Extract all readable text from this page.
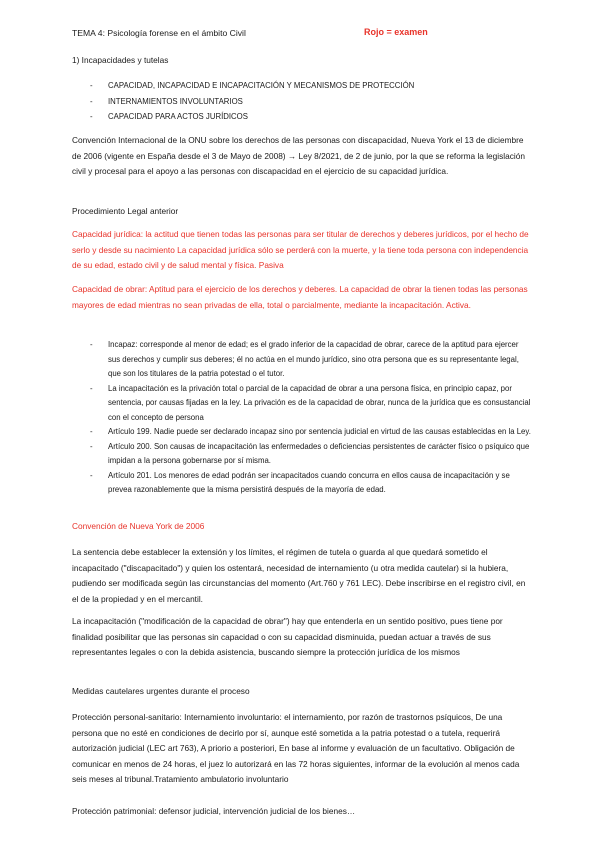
TEMA 4: Psicología forense en el ámbito Civil	Rojo = examen
1) Incapacidades y tutelas
- CAPACIDAD, INCAPACIDAD E INCAPACITACIÓN Y MECANISMOS DE PROTECCIÓN
- INTERNAMIENTOS INVOLUNTARIOS
- CAPACIDAD PARA ACTOS JURÍDICOS
Convención Internacional de la ONU sobre los derechos de las personas con discapacidad, Nueva York el 13 de diciembre de 2006 (vigente en España desde el 3 de Mayo de 2008) → Ley 8/2021, de 2 de junio, por la que se reforma la legislación civil y procesal para el apoyo a las personas con discapacidad en el ejercicio de su capacidad jurídica.
Procedimiento Legal anterior
Capacidad jurídica: la actitud que tienen todas las personas para ser titular de derechos y deberes jurídicos, por el hecho de serlo y desde su nacimiento La capacidad jurídica sólo se perderá con la muerte, y la tiene toda persona con independencia de su edad, estado civil y de salud mental y física. Pasiva
Capacidad de obrar: Aptitud para el ejercicio de los derechos y deberes. La capacidad de obrar la tienen todas las personas mayores de edad mientras no sean privadas de ella, total o parcialmente, mediante la incapacitación. Activa.
- Incapaz: corresponde al menor de edad; es el grado inferior de la capacidad de obrar, carece de la aptitud para ejercer sus derechos y cumplir sus deberes; él no actúa en el mundo jurídico, sino otra persona que es su representante legal, que son los titulares de la patria potestad o el tutor.
- La incapacitación es la privación total o parcial de la capacidad de obrar a una persona física, en principio capaz, por sentencia, por causas fijadas en la ley. La privación es de la capacidad de obrar, nunca de la jurídica que es consustancial con el concepto de persona
- Artículo 199. Nadie puede ser declarado incapaz sino por sentencia judicial en virtud de las causas establecidas en la Ley.
- Artículo 200. Son causas de incapacitación las enfermedades o deficiencias persistentes de carácter físico o psíquico que impidan a la persona gobernarse por sí misma.
- Artículo 201. Los menores de edad podrán ser incapacitados cuando concurra en ellos causa de incapacitación y se prevea razonablemente que la misma persistirá después de la mayoría de edad.
Convención de Nueva York de 2006
La sentencia debe establecer la extensión y los límites, el régimen de tutela o guarda al que quedará sometido el incapacitado ("discapacitado") y quien los ostentará, necesidad de internamiento (u otra medida cautelar) si la hubiera, pudiendo ser modificada según las circunstancias del momento (Art.760 y 761 LEC). Debe inscribirse en el registro civil, en el de la propiedad y en el mercantil.
La incapacitación ("modificación de la capacidad de obrar") hay que entenderla en un sentido positivo, pues tiene por finalidad posibilitar que las personas sin capacidad o con su capacidad disminuida, puedan actuar a través de sus representantes legales o con la debida asistencia, buscando siempre la protección jurídica de los mismos
Medidas cautelares urgentes durante el proceso
Protección personal-sanitario: Internamiento involuntario: el internamiento, por razón de trastornos psíquicos, De una persona que no esté en condiciones de decirlo por sí, aunque esté sometida a la patria potestad o a tutela, requerirá autorización judicial (LEC art 763), A priorio a posteriori, En base al informe y evaluación de un facultativo. Obligación de comunicar en menos de 24 horas, el juez lo autorizará en las 72 horas siguientes, informar de la evolución al menos cada seis meses al tribunal.Tratamiento ambulatorio involuntario
Protección patrimonial: defensor judicial, intervención judicial de los bienes…
